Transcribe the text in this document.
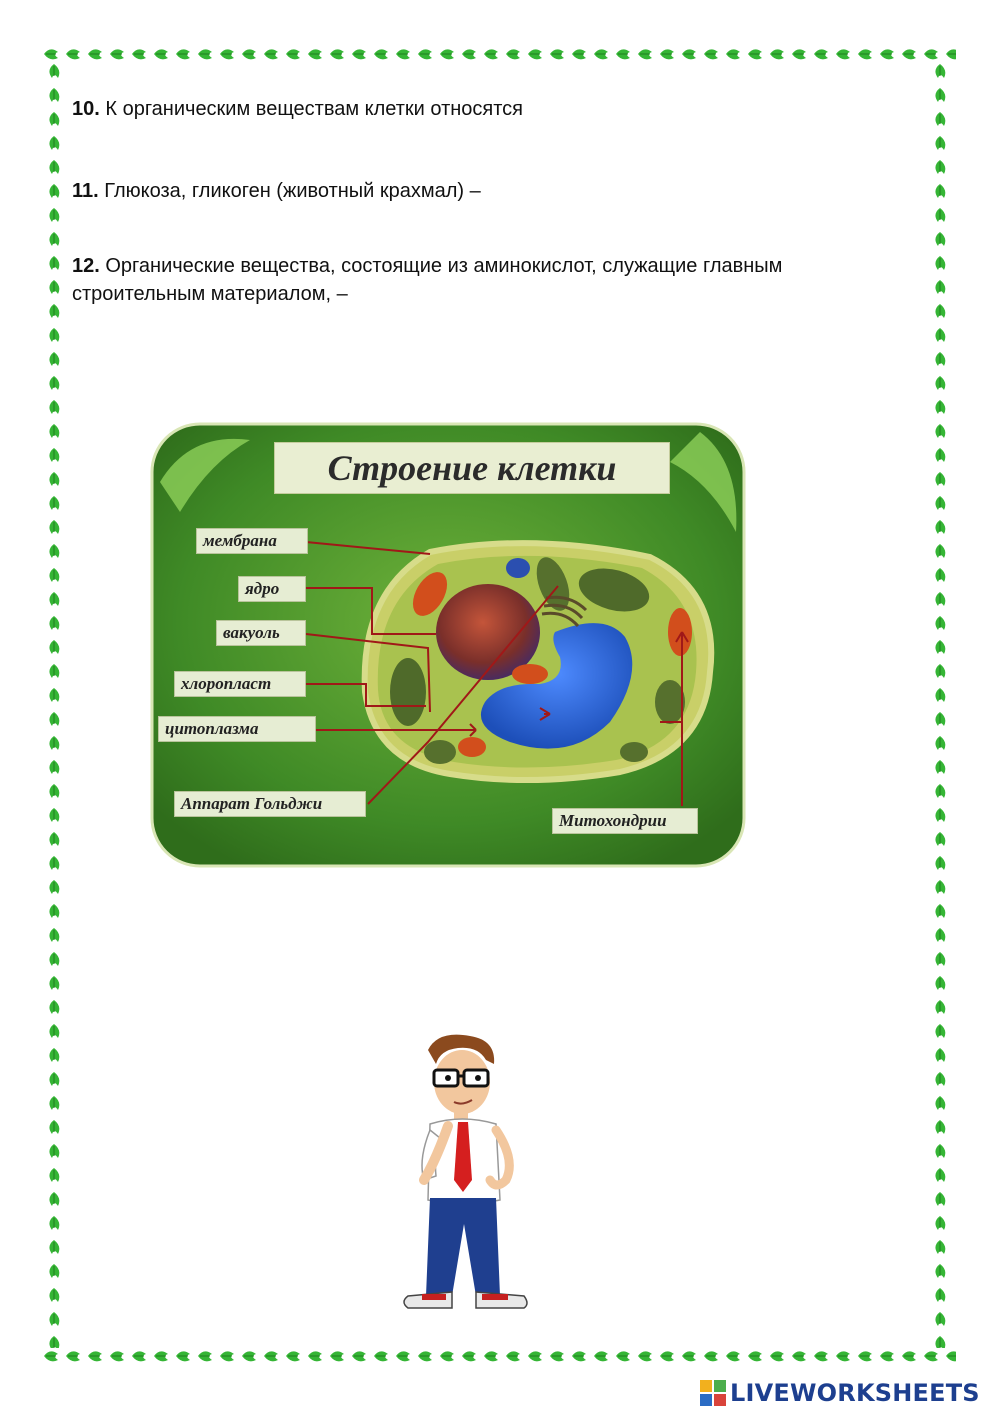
10. К органическим веществам клетки относятся

11. Глюкоза, гликоген (животный крахмал) –

12. Органические вещества, состоящие из аминокислот, служащие главным строительным материалом, –

Строение клетки
мембрана
ядро
вакуоль
хлоропласт
цитоплазма
Аппарат Гольджи
Митохондрии
LIVEWORKSHEETS
